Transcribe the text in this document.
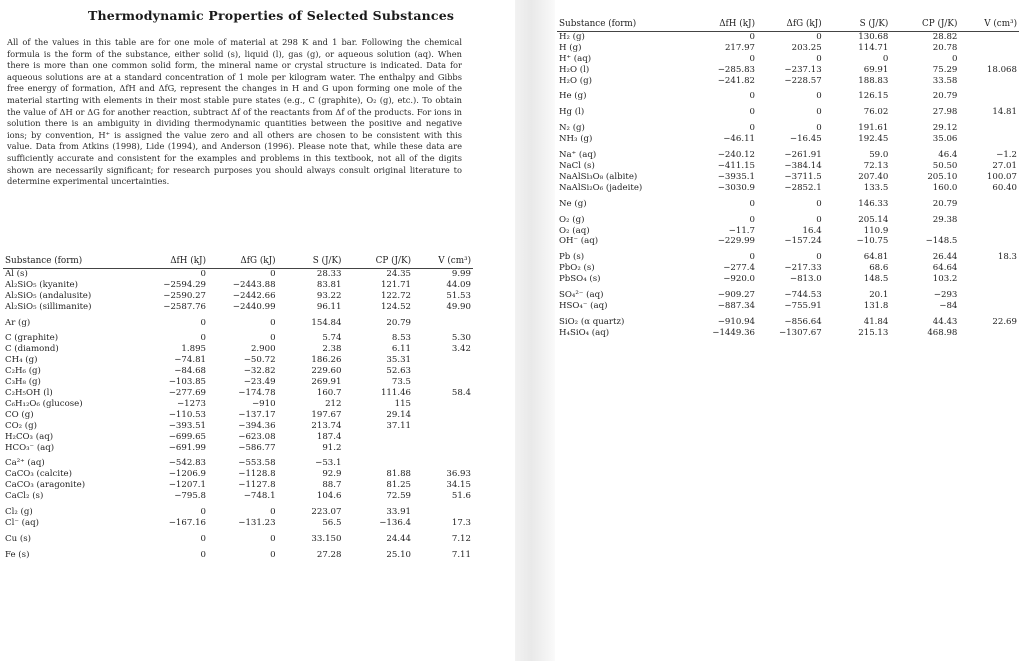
Thermodynamic Properties of Selected Substances
All of the values in this table are for one mole of material at 298 K and 1 bar. Following the chemical formula is the form of the substance, either solid (s), liquid (l), gas (g), or aqueous solution (aq). When there is more than one common solid form, the mineral name or crystal structure is indicated. Data for aqueous solutions are at a standard concentration of 1 mole per kilogram water. The enthalpy and Gibbs free energy of formation, ΔfH and ΔfG, represent the changes in H and G upon forming one mole of the material starting with elements in their most stable pure states (e.g., C (graphite), O₂ (g), etc.). To obtain the value of ΔH or ΔG for another reaction, subtract Δf of the reactants from Δf of the products. For ions in solution there is an ambiguity in dividing thermodynamic quantities between the positive and negative ions; by convention, H⁺ is assigned the value zero and all others are chosen to be consistent with this value. Data from Atkins (1998), Lide (1994), and Anderson (1996). Please note that, while these data are sufficiently accurate and consistent for the examples and problems in this textbook, not all of the digits shown are necessarily significant; for research purposes you should always consult original literature to determine experimental uncertainties.
Substance (form)	ΔfH (kJ)	ΔfG (kJ)	S (J/K)	CP (J/K)	V (cm³)
Al (s)	0	0	28.33	24.35	9.99
Al₂SiO₅ (kyanite)	−2594.29	−2443.88	83.81	121.71	44.09
Al₂SiO₅ (andalusite)	−2590.27	−2442.66	93.22	122.72	51.53
Al₂SiO₅ (sillimanite)	−2587.76	−2440.99	96.11	124.52	49.90

Ar (g)	0	0	154.84	20.79	

C (graphite)	0	0	5.74	8.53	5.30
C (diamond)	1.895	2.900	2.38	6.11	3.42
CH₄ (g)	−74.81	−50.72	186.26	35.31	
C₂H₆ (g)	−84.68	−32.82	229.60	52.63	
C₃H₈ (g)	−103.85	−23.49	269.91	73.5	
C₂H₅OH (l)	−277.69	−174.78	160.7	111.46	58.4
C₆H₁₂O₆ (glucose)	−1273	−910	212	115	
CO (g)	−110.53	−137.17	197.67	29.14	
CO₂ (g)	−393.51	−394.36	213.74	37.11	
H₂CO₃ (aq)	−699.65	−623.08	187.4		
HCO₃⁻ (aq)	−691.99	−586.77	91.2		

Ca²⁺ (aq)	−542.83	−553.58	−53.1		
CaCO₃ (calcite)	−1206.9	−1128.8	92.9	81.88	36.93
CaCO₃ (aragonite)	−1207.1	−1127.8	88.7	81.25	34.15
CaCl₂ (s)	−795.8	−748.1	104.6	72.59	51.6

Cl₂ (g)	0	0	223.07	33.91	
Cl⁻ (aq)	−167.16	−131.23	56.5	−136.4	17.3

Cu (s)	0	0	33.150	24.44	7.12

Fe (s)	0	0	27.28	25.10	7.11
Substance (form)	ΔfH (kJ)	ΔfG (kJ)	S (J/K)	CP (J/K)	V (cm³)
H₂ (g)	0	0	130.68	28.82	
H (g)	217.97	203.25	114.71	20.78	
H⁺ (aq)	0	0	0	0	
H₂O (l)	−285.83	−237.13	69.91	75.29	18.068
H₂O (g)	−241.82	−228.57	188.83	33.58	

He (g)	0	0	126.15	20.79	

Hg (l)	0	0	76.02	27.98	14.81

N₂ (g)	0	0	191.61	29.12	
NH₃ (g)	−46.11	−16.45	192.45	35.06	

Na⁺ (aq)	−240.12	−261.91	59.0	46.4	−1.2
NaCl (s)	−411.15	−384.14	72.13	50.50	27.01
NaAlSi₃O₈ (albite)	−3935.1	−3711.5	207.40	205.10	100.07
NaAlSi₂O₆ (jadeite)	−3030.9	−2852.1	133.5	160.0	60.40

Ne (g)	0	0	146.33	20.79	

O₂ (g)	0	0	205.14	29.38	
O₂ (aq)	−11.7	16.4	110.9		
OH⁻ (aq)	−229.99	−157.24	−10.75	−148.5	

Pb (s)	0	0	64.81	26.44	18.3
PbO₂ (s)	−277.4	−217.33	68.6	64.64	
PbSO₄ (s)	−920.0	−813.0	148.5	103.2	

SO₄²⁻ (aq)	−909.27	−744.53	20.1	−293	
HSO₄⁻ (aq)	−887.34	−755.91	131.8	−84	

SiO₂ (α quartz)	−910.94	−856.64	41.84	44.43	22.69
H₄SiO₄ (aq)	−1449.36	−1307.67	215.13	468.98	
